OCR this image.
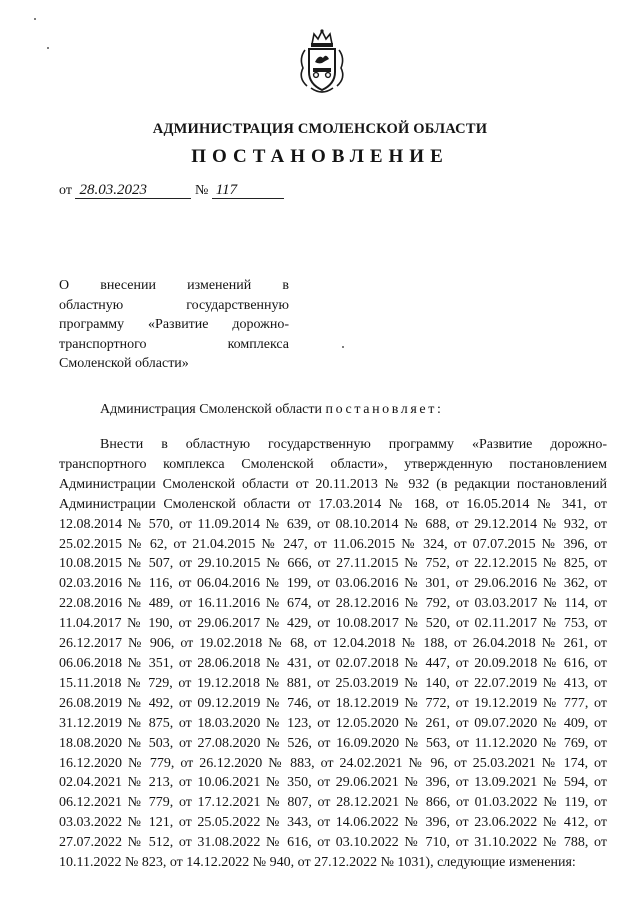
АДМИНИСТРАЦИЯ СМОЛЕНСКОЙ ОБЛАСТИ
ПОСТАНОВЛЕНИЕ
от 28.03.2023	№ 117
О внесении изменений в
областную государственную
программу «Развитие дорожно-
транспортного комплекса
Смоленской области»
Администрация Смоленской области постановляет:

Внести в областную государственную программу «Развитие дорожно-транспортного комплекса Смоленской области», утвержденную постановлением Администрации Смоленской области от 20.11.2013 № 932 (в редакции постановлений Администрации Смоленской области от 17.03.2014 № 168, от 16.05.2014 № 341, от 12.08.2014 № 570, от 11.09.2014 № 639, от 08.10.2014 № 688, от 29.12.2014 № 932, от 25.02.2015 № 62, от 21.04.2015 № 247, от 11.06.2015 № 324, от 07.07.2015 № 396, от 10.08.2015 № 507, от 29.10.2015 № 666, от 27.11.2015 № 752, от 22.12.2015 № 825, от 02.03.2016 № 116, от 06.04.2016 № 199, от 03.06.2016 № 301, от 29.06.2016 № 362, от 22.08.2016 № 489, от 16.11.2016 № 674, от 28.12.2016 № 792, от 03.03.2017 № 114, от 11.04.2017 № 190, от 29.06.2017 № 429, от 10.08.2017 № 520, от 02.11.2017 № 753, от 26.12.2017 № 906, от 19.02.2018 № 68, от 12.04.2018 № 188, от 26.04.2018 № 261, от 06.06.2018 № 351, от 28.06.2018 № 431, от 02.07.2018 № 447, от 20.09.2018 № 616, от 15.11.2018 № 729, от 19.12.2018 № 881, от 25.03.2019 № 140, от 22.07.2019 № 413, от 26.08.2019 № 492, от 09.12.2019 № 746, от 18.12.2019 № 772, от 19.12.2019 № 777, от 31.12.2019 № 875, от 18.03.2020 № 123, от 12.05.2020 № 261, от 09.07.2020 № 409, от 18.08.2020 № 503, от 27.08.2020 № 526, от 16.09.2020 № 563, от 11.12.2020 № 769, от 16.12.2020 № 779, от 26.12.2020 № 883, от 24.02.2021 № 96, от 25.03.2021 № 174, от 02.04.2021 № 213, от 10.06.2021 № 350, от 29.06.2021 № 396, от 13.09.2021 № 594, от 06.12.2021 № 779, от 17.12.2021 № 807, от 28.12.2021 № 866, от 01.03.2022 № 119, от 03.03.2022 № 121, от 25.05.2022 № 343, от 14.06.2022 № 396, от 23.06.2022 № 412, от 27.07.2022 № 512, от 31.08.2022 № 616, от 03.10.2022 № 710, от 31.10.2022 № 788, от 10.11.2022 № 823, от 14.12.2022 № 940, от 27.12.2022 № 1031), следующие изменения:
